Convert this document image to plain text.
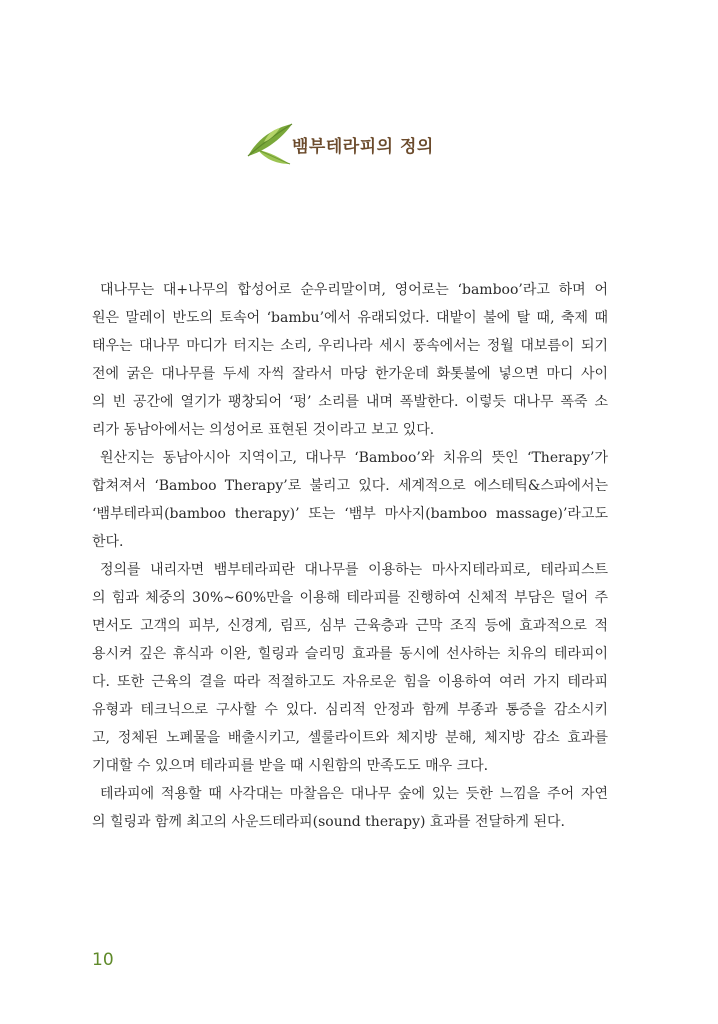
뱀부테라피의 정의
대나무는 대+나무의 합성어로 순우리말이며, 영어로는 ‘bamboo’라고 하며 어
원은 말레이 반도의 토속어 ‘bambu’에서 유래되었다. 대밭이 불에 탈 때, 축제 때
태우는 대나무 마디가 터지는 소리, 우리나라 세시 풍속에서는 정월 대보름이 되기
전에 굵은 대나무를 두세 자씩 잘라서 마당 한가운데 화톳불에 넣으면 마디 사이
의 빈 공간에 열기가 팽창되어 ‘펑’ 소리를 내며 폭발한다. 이렇듯 대나무 폭죽 소
리가 동남아에서는 의성어로 표현된 것이라고 보고 있다.
원산지는 동남아시아 지역이고, 대나무 ‘Bamboo’와 치유의 뜻인 ‘Therapy’가
합쳐져서 ‘Bamboo Therapy’로 불리고 있다. 세계적으로 에스테틱&스파에서는
‘뱀부테라피(bamboo therapy)’ 또는 ‘뱀부 마사지(bamboo massage)’라고도
한다.
정의를 내리자면 뱀부테라피란 대나무를 이용하는 마사지테라피로, 테라피스트
의 힘과 체중의 30%~60%만을 이용해 테라피를 진행하여 신체적 부담은 덜어 주
면서도 고객의 피부, 신경계, 림프, 심부 근육층과 근막 조직 등에 효과적으로 적
용시켜 깊은 휴식과 이완, 힐링과 슬리밍 효과를 동시에 선사하는 치유의 테라피이
다. 또한 근육의 결을 따라 적절하고도 자유로운 힘을 이용하여 여러 가지 테라피
유형과 테크닉으로 구사할 수 있다. 심리적 안정과 함께 부종과 통증을 감소시키
고, 정체된 노폐물을 배출시키고, 셀룰라이트와 체지방 분해, 체지방 감소 효과를
기대할 수 있으며 테라피를 받을 때 시원함의 만족도도 매우 크다.
테라피에 적용할 때 사각대는 마찰음은 대나무 숲에 있는 듯한 느낌을 주어 자연
의 힐링과 함께 최고의 사운드테라피(sound therapy) 효과를 전달하게 된다.
10
